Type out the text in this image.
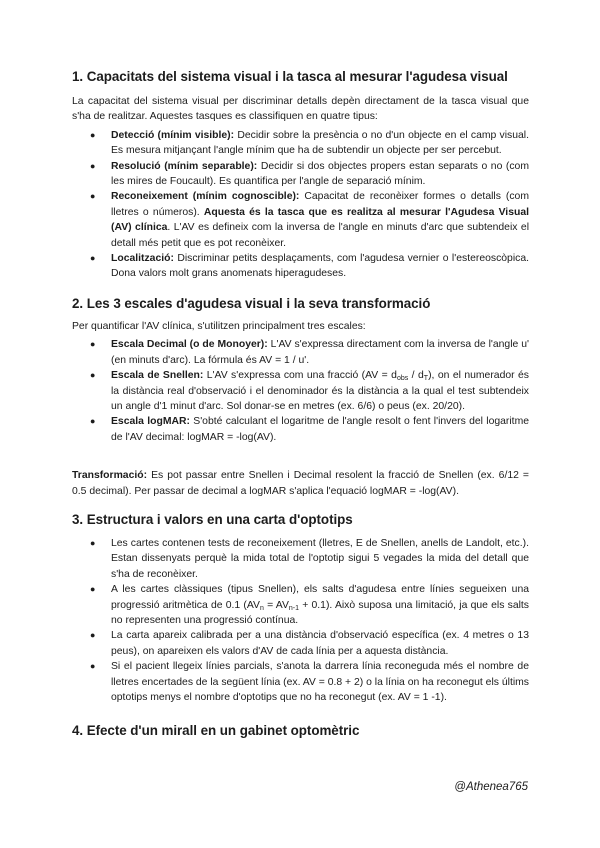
1. Capacitats del sistema visual i la tasca al mesurar l'agudesa visual

La capacitat del sistema visual per discriminar detalls depèn directament de la tasca visual que s'ha de realitzar. Aquestes tasques es classifiquen en quatre tipus:

● Detecció (mínim visible): Decidir sobre la presència o no d'un objecte en el camp visual. Es mesura mitjançant l'angle mínim que ha de subtendir un objecte per ser percebut.
● Resolució (mínim separable): Decidir si dos objectes propers estan separats o no (com les mires de Foucault). Es quantifica per l'angle de separació mínim.
● Reconeixement (mínim cognoscible): Capacitat de reconèixer formes o detalls (com lletres o números). Aquesta és la tasca que es realitza al mesurar l'Agudesa Visual (AV) clínica. L'AV es defineix com la inversa de l'angle en minuts d'arc que subtendeix el detall més petit que es pot reconèixer.
● Localització: Discriminar petits desplaçaments, com l'agudesa vernier o l'estereoscòpica. Dona valors molt grans anomenats hiperagudeses.
2. Les 3 escales d'agudesa visual i la seva transformació

Per quantificar l'AV clínica, s'utilitzen principalment tres escales:

● Escala Decimal (o de Monoyer): L'AV s'expressa directament com la inversa de l'angle u' (en minuts d'arc). La fórmula és AV = 1 / u'.
● Escala de Snellen: L'AV s'expressa com una fracció $(AV = d_{obs} / d_T)$, on el numerador és la distància real d'observació i el denominador és la distància a la qual el test subtendeix un angle d'1 minut d'arc. Sol donar-se en metres (ex. 6/6) o peus (ex. 20/20).
● Escala logMAR: S'obté calculant el logaritme de l'angle resolt o fent l'invers del logaritme de l'AV decimal: logMAR = -log(AV).

Transformació: Es pot passar entre Snellen i Decimal resolent la fracció de Snellen (ex. 6/12 = 0.5 decimal). Per passar de decimal a logMAR s'aplica l'equació logMAR = -log(AV).

3. Estructura i valors en una carta d'optotips
● Les cartes contenen tests de reconeixement (lletres, E de Snellen, anells de Landolt, etc.). Estan dissenyats perquè la mida total de l'optotip sigui 5 vegades la mida del detall que s'ha de reconèixer.
● A les cartes clàssiques (tipus Snellen), els salts d'agudesa entre línies segueixen una progressió aritmètica de 0.1 $(AV_n = AV_{n-1} + 0.1)$. Això suposa una limitació, ja que els salts no representen una progressió contínua.
● La carta apareix calibrada per a una distància d'observació específica (ex. 4 metres o 13 peus), on apareixen els valors d'AV de cada línia per a aquesta distància.
● Si el pacient llegeix línies parcials, s'anota la darrera línia reconeguda més el nombre de lletres encertades de la següent línia (ex. AV = 0.8 + 2) o la línia on ha reconegut els últims optotips menys el nombre d'optotips que no ha reconegut (ex. AV = 1 -1).
4. Efecte d'un mirall en un gabinet optomètric
@Athenea765
